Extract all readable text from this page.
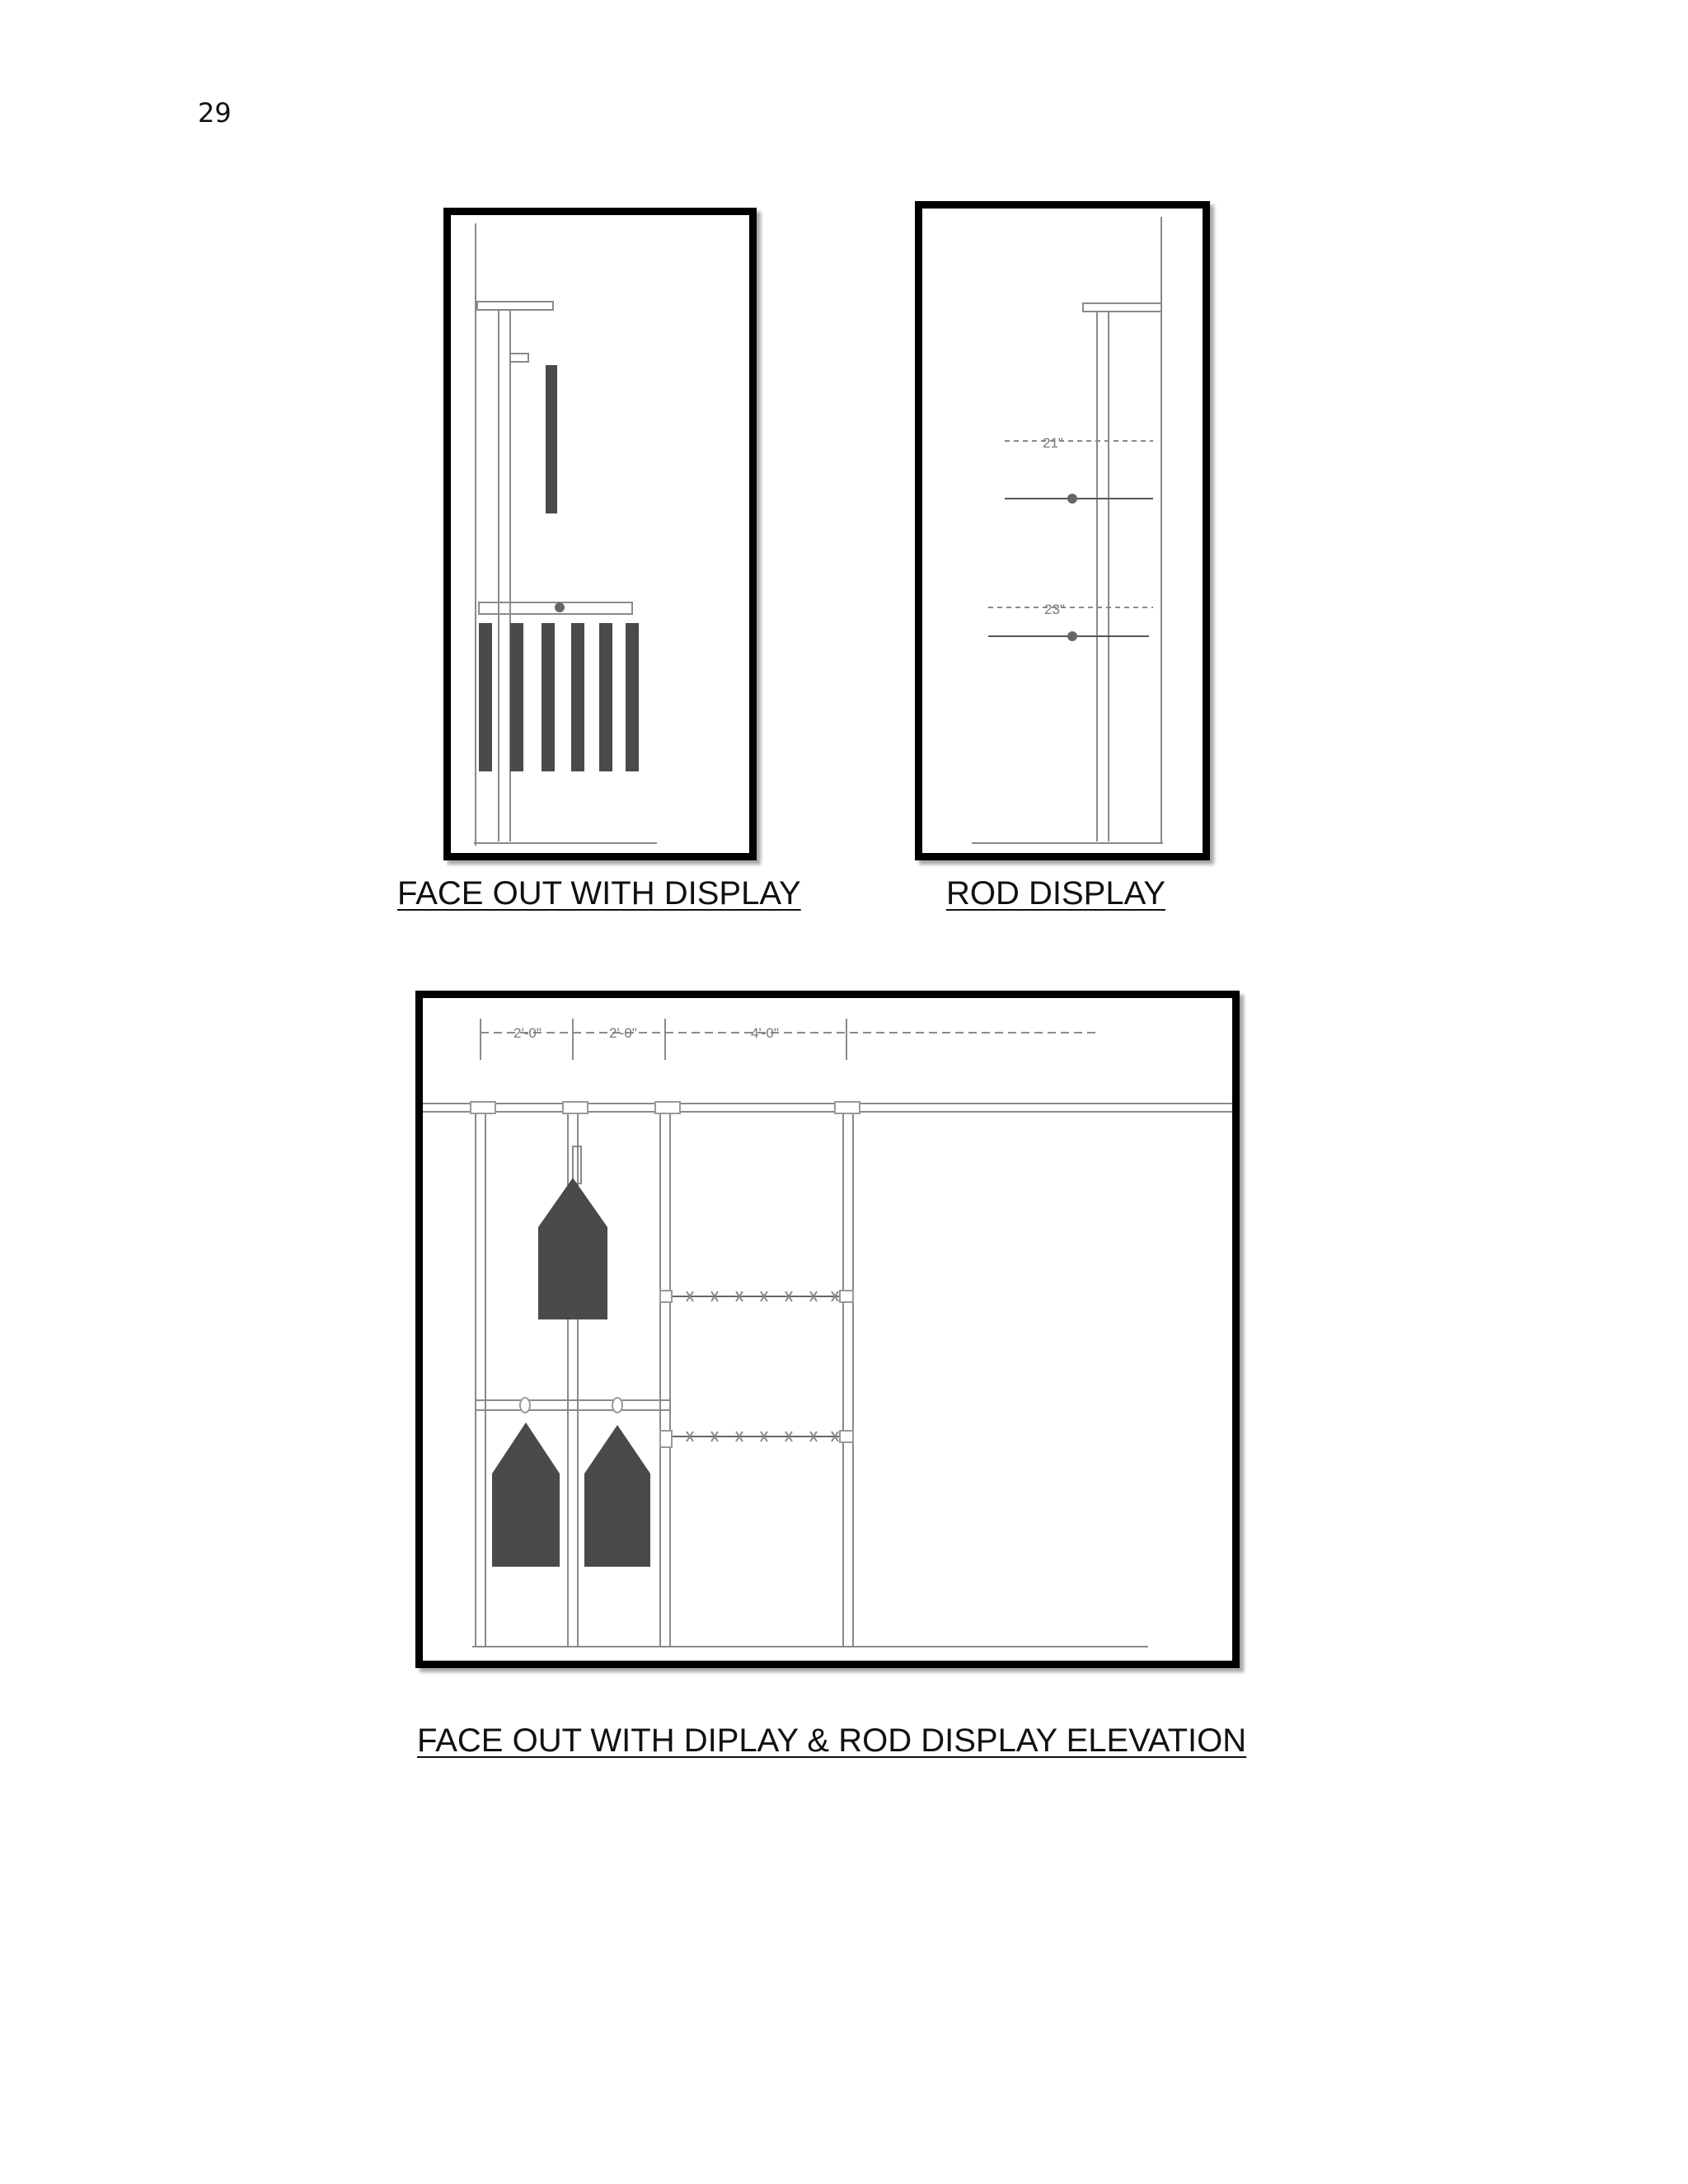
29
21"
23"
2'-0"	2'-0"	4'-0"
FACE OUT WITH DISPLAY	ROD DISPLAY
FACE OUT WITH DIPLAY & ROD DISPLAY ELEVATION
